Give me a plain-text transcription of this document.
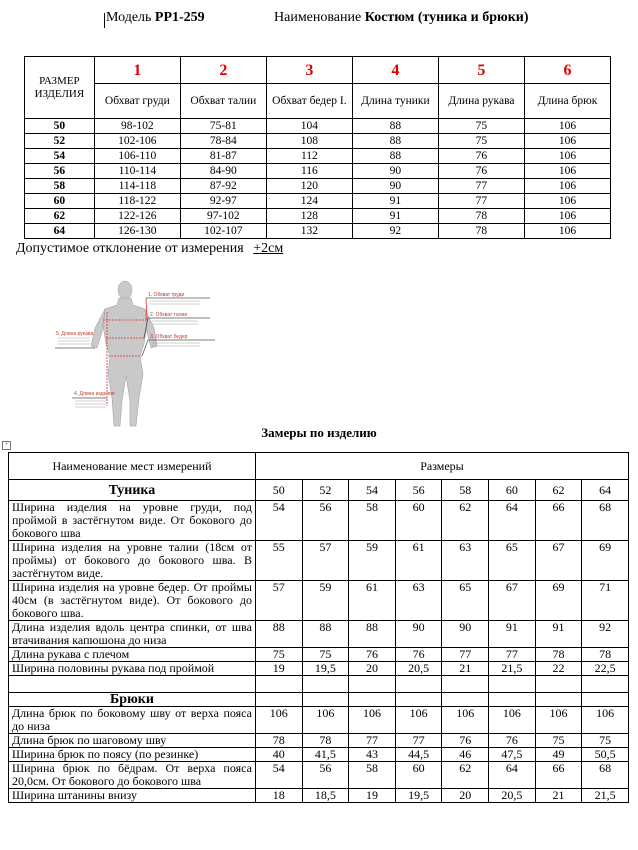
Модель РР1-259	Наименование Костюм (туника и брюки)
РАЗМЕР
ИЗДЕЛИЯ	1	2	3	4	5	6
	Обхват груди	Обхват талии	Обхват бедер I.	Длина туники	Длина рукава	Длина брюк
50	98-102	75-81	104	88	75	106
52	102-106	78-84	108	88	75	106
54	106-110	81-87	112	88	76	106
56	110-114	84-90	116	90	76	106
58	114-118	87-92	120	90	77	106
60	118-122	92-97	124	91	77	106
62	122-126	97-102	128	91	78	106
64	126-130	102-107	132	92	78	106
Допустимое отклонение от измерения +2см
1. Обхват груди
2. Обхват талии
3. Обхват бедер
4. Длина изделия
5. Длина рукава
+
Замеры по изделию
Наименование мест измерений	Размеры							
Туника	50	52	54	56	58	60	62	64
Ширина изделия на уровне груди, под проймой в застёгнутом виде. От бокового до бокового шва	54	56	58	60	62	64	66	68
Ширина изделия на уровне талии (18см от проймы) от бокового до бокового шва. В застёгнутом виде.	55	57	59	61	63	65	67	69
Ширина изделия на уровне бедер. От проймы 40см (в застёгнутом виде). От бокового до бокового шва.	57	59	61	63	65	67	69	71
Длина изделия вдоль центра спинки, от шва втачивания капюшона до низа	88	88	88	90	90	91	91	92
Длина рукава с плечом	75	75	76	76	77	77	78	78
Ширина половины рукава под проймой	19	19,5	20	20,5	21	21,5	22	22,5

Брюки								
Длина брюк по боковому шву от верха пояса до низа	106	106	106	106	106	106	106	106
Длина брюк по шаговому шву	78	78	77	77	76	76	75	75
Ширина брюк по поясу (по резинке)	40	41,5	43	44,5	46	47,5	49	50,5
Ширина брюк по бёдрам. От верха пояса 20,0см. От бокового до бокового шва	54	56	58	60	62	64	66	68
Ширина штанины внизу	18	18,5	19	19,5	20	20,5	21	21,5
